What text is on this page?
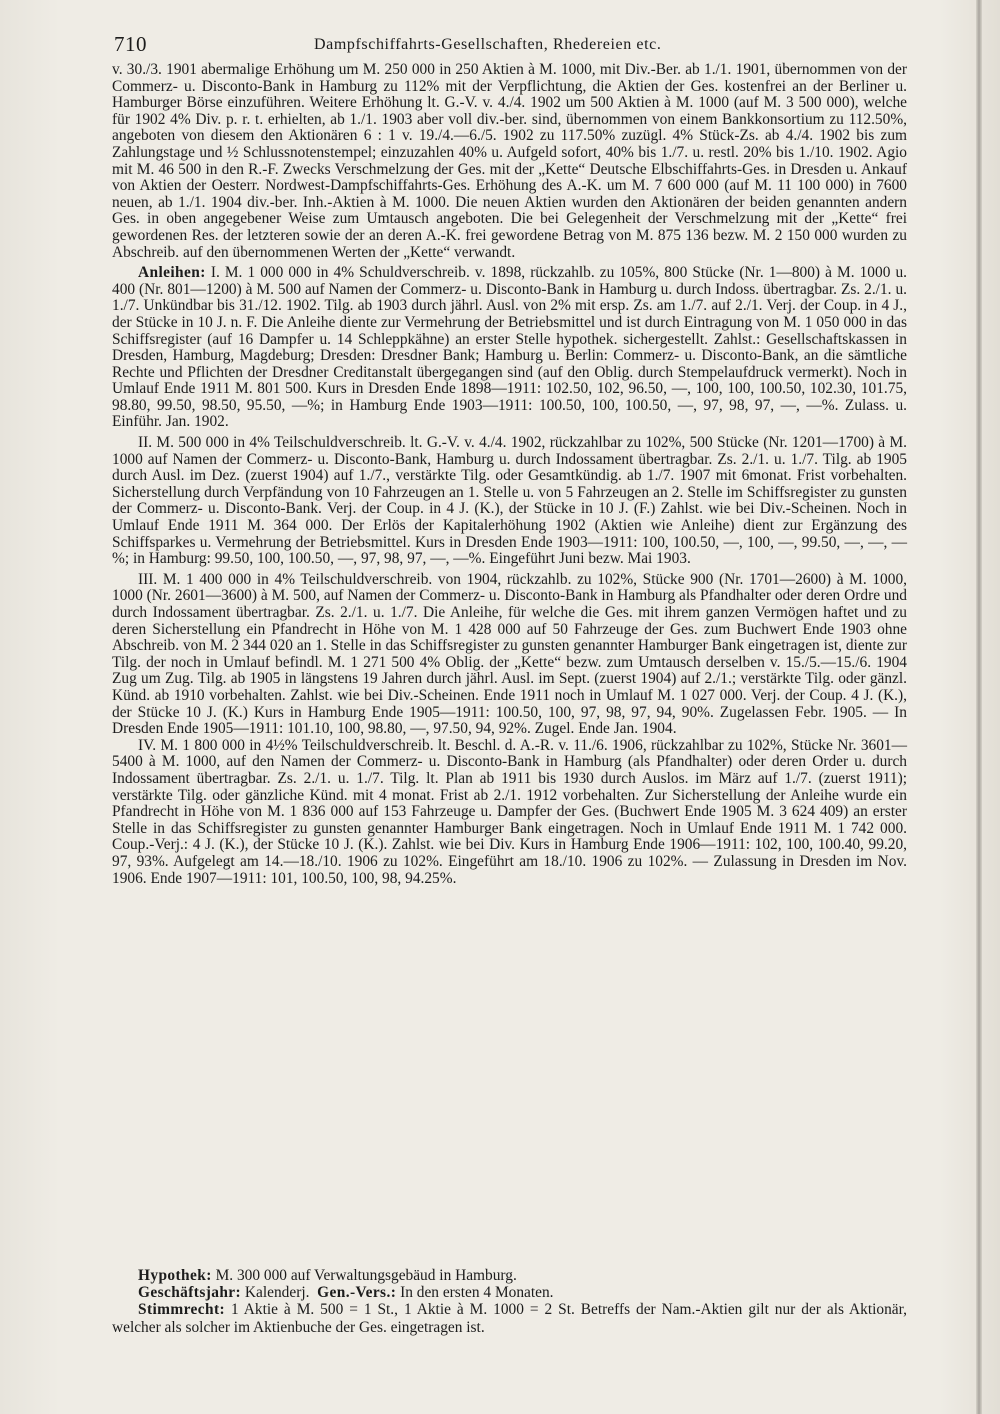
710	Dampfschiffahrts-Gesellschaften, Rhedereien etc.

v. 30./3. 1901 abermalige Erhöhung um M. 250 000 in 250 Aktien à M. 1000, mit Div.-Ber. ab 1./1. 1901, übernommen von der Commerz- u. Disconto-Bank in Hamburg zu 112% mit der Verpflichtung, die Aktien der Ges. kostenfrei an der Berliner u. Hamburger Börse einzuführen. Weitere Erhöhung lt. G.-V. v. 4./4. 1902 um 500 Aktien à M. 1000 (auf M. 3 500 000), welche für 1902 4% Div. p. r. t. erhielten, ab 1./1. 1903 aber voll div.-ber. sind, übernommen von einem Bankkonsortium zu 112.50%, angeboten von diesem den Aktionären 6 : 1 v. 19./4.—6./5. 1902 zu 117.50% zuzügl. 4% Stück-Zs. ab 4./4. 1902 bis zum Zahlungstage und ½ Schlussnotenstempel; einzuzahlen 40% u. Aufgeld sofort, 40% bis 1./7. u. restl. 20% bis 1./10. 1902. Agio mit M. 46 500 in den R.-F. Zwecks Verschmelzung der Ges. mit der „Kette“ Deutsche Elbschiffahrts-Ges. in Dresden u. Ankauf von Aktien der Oesterr. Nordwest-Dampfschiffahrts-Ges. Erhöhung des A.-K. um M. 7 600 000 (auf M. 11 100 000) in 7600 neuen, ab 1./1. 1904 div.-ber. Inh.-Aktien à M. 1000. Die neuen Aktien wurden den Aktionären der beiden genannten andern Ges. in oben angegebener Weise zum Umtausch angeboten. Die bei Gelegenheit der Verschmelzung mit der „Kette“ frei gewordenen Res. der letzteren sowie der an deren A.-K. frei gewordene Betrag von M. 875 136 bezw. M. 2 150 000 wurden zu Abschreib. auf den übernommenen Werten der „Kette“ verwandt.

Anleihen: I. M. 1 000 000 in 4% Schuldverschreib. v. 1898, rückzahlb. zu 105%, 800 Stücke (Nr. 1—800) à M. 1000 u. 400 (Nr. 801—1200) à M. 500 auf Namen der Commerz- u. Disconto-Bank in Hamburg u. durch Indoss. übertragbar. Zs. 2./1. u. 1./7. Unkündbar bis 31./12. 1902. Tilg. ab 1903 durch jährl. Ausl. von 2% mit ersp. Zs. am 1./7. auf 2./1. Verj. der Coup. in 4 J., der Stücke in 10 J. n. F. Die Anleihe diente zur Vermehrung der Betriebsmittel und ist durch Eintragung von M. 1 050 000 in das Schiffsregister (auf 16 Dampfer u. 14 Schleppkähne) an erster Stelle hypothek. sichergestellt. Zahlst.: Gesellschaftskassen in Dresden, Hamburg, Magdeburg; Dresden: Dresdner Bank; Hamburg u. Berlin: Commerz- u. Disconto-Bank, an die sämtliche Rechte und Pflichten der Dresdner Creditanstalt übergegangen sind (auf den Oblig. durch Stempelaufdruck vermerkt). Noch in Umlauf Ende 1911 M. 801 500. Kurs in Dresden Ende 1898—1911: 102.50, 102, 96.50, —, 100, 100, 100.50, 102.30, 101.75, 98.80, 99.50, 98.50, 95.50, —%; in Hamburg Ende 1903—1911: 100.50, 100, 100.50, —, 97, 98, 97, —, —%. Zulass. u. Einführ. Jan. 1902.

II. M. 500 000 in 4% Teilschuldverschreib. lt. G.-V. v. 4./4. 1902, rückzahlbar zu 102%, 500 Stücke (Nr. 1201—1700) à M. 1000 auf Namen der Commerz- u. Disconto-Bank, Hamburg u. durch Indossament übertragbar. Zs. 2./1. u. 1./7. Tilg. ab 1905 durch Ausl. im Dez. (zuerst 1904) auf 1./7., verstärkte Tilg. oder Gesamtkündig. ab 1./7. 1907 mit 6monat. Frist vorbehalten. Sicherstellung durch Verpfändung von 10 Fahrzeugen an 1. Stelle u. von 5 Fahrzeugen an 2. Stelle im Schiffsregister zu gunsten der Commerz- u. Disconto-Bank. Verj. der Coup. in 4 J. (K.), der Stücke in 10 J. (F.) Zahlst. wie bei Div.-Scheinen. Noch in Umlauf Ende 1911 M. 364 000. Der Erlös der Kapitalerhöhung 1902 (Aktien wie Anleihe) dient zur Ergänzung des Schiffsparkes u. Vermehrung der Betriebsmittel. Kurs in Dresden Ende 1903—1911: 100, 100.50, —, 100, —, 99.50, —, —, —%; in Hamburg: 99.50, 100, 100.50, —, 97, 98, 97, —, —%. Eingeführt Juni bezw. Mai 1903.

III. M. 1 400 000 in 4% Teilschuldverschreib. von 1904, rückzahlb. zu 102%, Stücke 900 (Nr. 1701—2600) à M. 1000, 1000 (Nr. 2601—3600) à M. 500, auf Namen der Commerz- u. Disconto-Bank in Hamburg als Pfandhalter oder deren Ordre und durch Indossament übertragbar. Zs. 2./1. u. 1./7. Die Anleihe, für welche die Ges. mit ihrem ganzen Vermögen haftet und zu deren Sicherstellung ein Pfandrecht in Höhe von M. 1 428 000 auf 50 Fahrzeuge der Ges. zum Buchwert Ende 1903 ohne Abschreib. von M. 2 344 020 an 1. Stelle in das Schiffsregister zu gunsten genannter Hamburger Bank eingetragen ist, diente zur Tilg. der noch in Umlauf befindl. M. 1 271 500 4% Oblig. der „Kette“ bezw. zum Umtausch derselben v. 15./5.—15./6. 1904 Zug um Zug. Tilg. ab 1905 in längstens 19 Jahren durch jährl. Ausl. im Sept. (zuerst 1904) auf 2./1.; verstärkte Tilg. oder gänzl. Künd. ab 1910 vorbehalten. Zahlst. wie bei Div.-Scheinen. Ende 1911 noch in Umlauf M. 1 027 000. Verj. der Coup. 4 J. (K.), der Stücke 10 J. (K.) Kurs in Hamburg Ende 1905—1911: 100.50, 100, 97, 98, 97, 94, 90%. Zugelassen Febr. 1905. — In Dresden Ende 1905—1911: 101.10, 100, 98.80, —, 97.50, 94, 92%. Zugel. Ende Jan. 1904.

IV. M. 1 800 000 in 4½% Teilschuldverschreib. lt. Beschl. d. A.-R. v. 11./6. 1906, rückzahlbar zu 102%, Stücke Nr. 3601—5400 à M. 1000, auf den Namen der Commerz- u. Disconto-Bank in Hamburg (als Pfandhalter) oder deren Order u. durch Indossament übertragbar. Zs. 2./1. u. 1./7. Tilg. lt. Plan ab 1911 bis 1930 durch Auslos. im März auf 1./7. (zuerst 1911); verstärkte Tilg. oder gänzliche Künd. mit 4 monat. Frist ab 2./1. 1912 vorbehalten. Zur Sicherstellung der Anleihe wurde ein Pfandrecht in Höhe von M. 1 836 000 auf 153 Fahrzeuge u. Dampfer der Ges. (Buchwert Ende 1905 M. 3 624 409) an erster Stelle in das Schiffsregister zu gunsten genannter Hamburger Bank eingetragen. Noch in Umlauf Ende 1911 M. 1 742 000. Coup.-Verj.: 4 J. (K.), der Stücke 10 J. (K.). Zahlst. wie bei Div. Kurs in Hamburg Ende 1906—1911: 102, 100, 100.40, 99.20, 97, 93%. Aufgelegt am 14.—18./10. 1906 zu 102%. Eingeführt am 18./10. 1906 zu 102%. — Zulassung in Dresden im Nov. 1906. Ende 1907—1911: 101, 100.50, 100, 98, 94.25%.

Hypothek: M. 300 000 auf Verwaltungsgebäud in Hamburg.

Geschäftsjahr: Kalenderj. Gen.-Vers.: In den ersten 4 Monaten.

Stimmrecht: 1 Aktie à M. 500 = 1 St., 1 Aktie à M. 1000 = 2 St. Betreffs der Nam.-Aktien gilt nur der als Aktionär, welcher als solcher im Aktienbuche der Ges. eingetragen ist.
